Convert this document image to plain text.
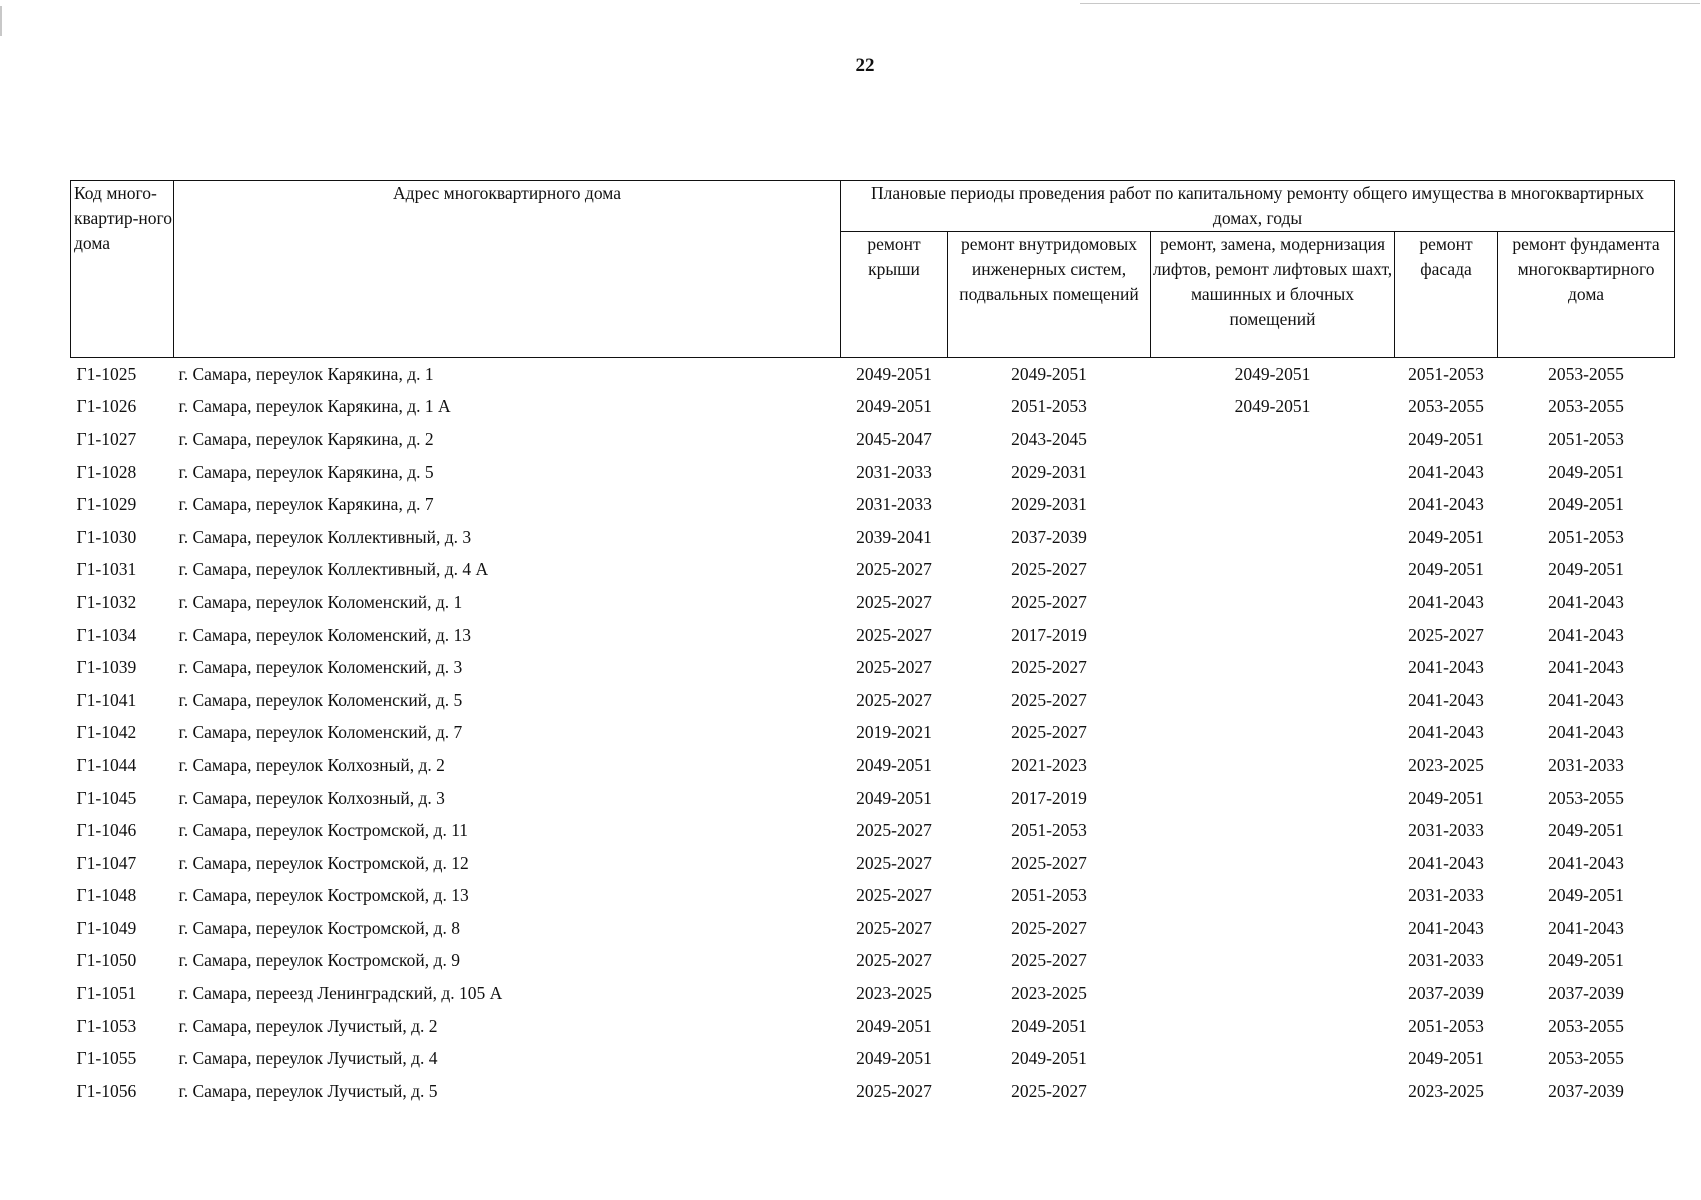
22
Код много-квартир-ного дома	Адрес многоквартирного дома	Плановые периоды проведения работ по капитальному ремонту общего имущества в многоквартирных домах, годы				
		ремонт крыши	ремонт внутридомовых инженерных систем, подвальных помещений	ремонт, замена, модернизация лифтов, ремонт лифтовых шахт, машинных и блочных помещений	ремонт фасада	ремонт фундамента многоквартирного дома
Г1-1025	г. Самара, переулок Карякина, д. 1	2049-2051	2049-2051	2049-2051	2051-2053	2053-2055
Г1-1026	г. Самара, переулок Карякина, д. 1 А	2049-2051	2051-2053	2049-2051	2053-2055	2053-2055
Г1-1027	г. Самара, переулок Карякина, д. 2	2045-2047	2043-2045		2049-2051	2051-2053
Г1-1028	г. Самара, переулок Карякина, д. 5	2031-2033	2029-2031		2041-2043	2049-2051
Г1-1029	г. Самара, переулок Карякина, д. 7	2031-2033	2029-2031		2041-2043	2049-2051
Г1-1030	г. Самара, переулок Коллективный, д. 3	2039-2041	2037-2039		2049-2051	2051-2053
Г1-1031	г. Самара, переулок Коллективный, д. 4 А	2025-2027	2025-2027		2049-2051	2049-2051
Г1-1032	г. Самара, переулок Коломенский, д. 1	2025-2027	2025-2027		2041-2043	2041-2043
Г1-1034	г. Самара, переулок Коломенский, д. 13	2025-2027	2017-2019		2025-2027	2041-2043
Г1-1039	г. Самара, переулок Коломенский, д. 3	2025-2027	2025-2027		2041-2043	2041-2043
Г1-1041	г. Самара, переулок Коломенский, д. 5	2025-2027	2025-2027		2041-2043	2041-2043
Г1-1042	г. Самара, переулок Коломенский, д. 7	2019-2021	2025-2027		2041-2043	2041-2043
Г1-1044	г. Самара, переулок Колхозный, д. 2	2049-2051	2021-2023		2023-2025	2031-2033
Г1-1045	г. Самара, переулок Колхозный, д. 3	2049-2051	2017-2019		2049-2051	2053-2055
Г1-1046	г. Самара, переулок Костромской, д. 11	2025-2027	2051-2053		2031-2033	2049-2051
Г1-1047	г. Самара, переулок Костромской, д. 12	2025-2027	2025-2027		2041-2043	2041-2043
Г1-1048	г. Самара, переулок Костромской, д. 13	2025-2027	2051-2053		2031-2033	2049-2051
Г1-1049	г. Самара, переулок Костромской, д. 8	2025-2027	2025-2027		2041-2043	2041-2043
Г1-1050	г. Самара, переулок Костромской, д. 9	2025-2027	2025-2027		2031-2033	2049-2051
Г1-1051	г. Самара, переезд Ленинградский, д. 105 А	2023-2025	2023-2025		2037-2039	2037-2039
Г1-1053	г. Самара, переулок Лучистый, д. 2	2049-2051	2049-2051		2051-2053	2053-2055
Г1-1055	г. Самара, переулок Лучистый, д. 4	2049-2051	2049-2051		2049-2051	2053-2055
Г1-1056	г. Самара, переулок Лучистый, д. 5	2025-2027	2025-2027		2023-2025	2037-2039
